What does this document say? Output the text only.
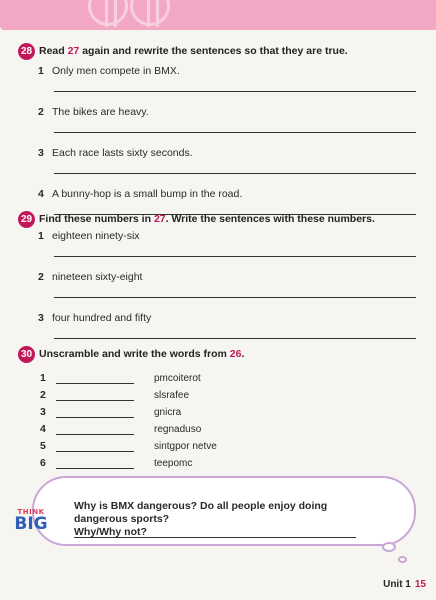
28 Read 27 again and rewrite the sentences so that they are true.
1 Only men compete in BMX.
2 The bikes are heavy.
3 Each race lasts sixty seconds.
4 A bunny-hop is a small bump in the road.
29 Find these numbers in 27. Write the sentences with these numbers.
1 eighteen ninety-six
2 nineteen sixty-eight
3 four hundred and fifty
30 Unscramble and write the words from 26.
1	pmcoiterot
2	slsrafee
3	gnicra
4	regnaduso
5	sintgpor netve
6	teepomc
THINK
BIG
Why is BMX dangerous? Do all people enjoy doing dangerous sports?
Why/Why not?
Unit 1 15
